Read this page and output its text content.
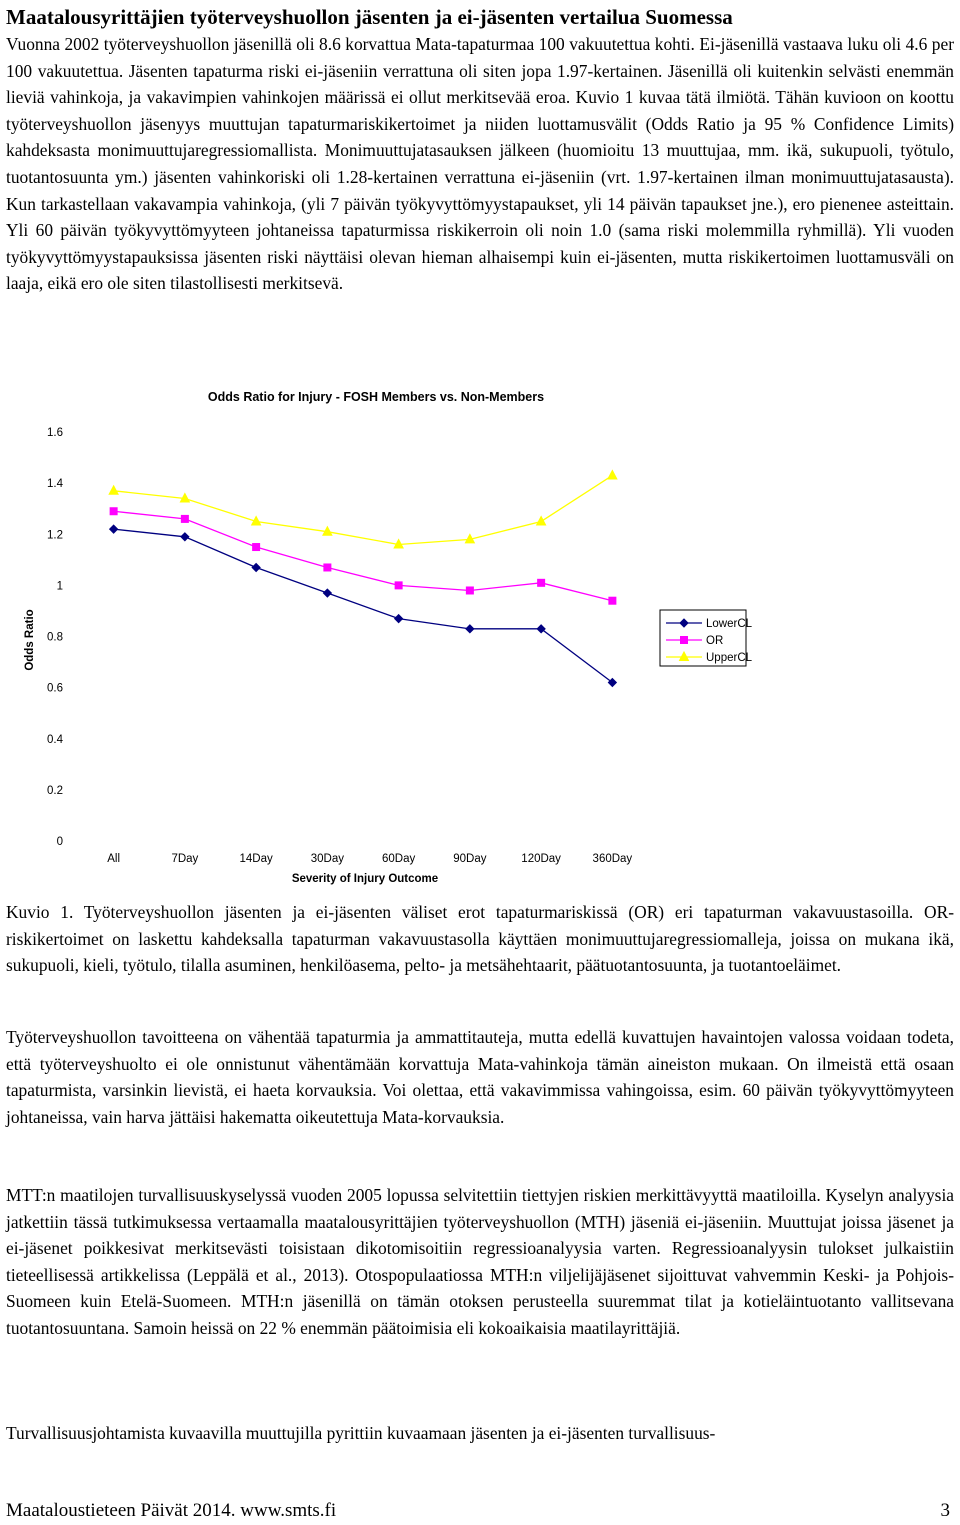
Maatalousyrittäjien työterveyshuollon jäsenten ja ei-jäsenten vertailua Suomessa

Vuonna 2002 työterveyshuollon jäsenillä oli 8.6 korvattua Mata-tapaturmaa 100 vakuutettua kohti. Ei-jäsenillä vastaava luku oli 4.6 per 100 vakuutettua. Jäsenten tapaturma riski ei-jäseniin verrattuna oli siten jopa 1.97-kertainen. Jäsenillä oli kuitenkin selvästi enemmän lieviä vahinkoja, ja vakavimpien vahinkojen määrissä ei ollut merkitsevää eroa. Kuvio 1 kuvaa tätä ilmiötä. Tähän kuvioon on koottu työterveyshuollon jäsenyys muuttujan tapaturmariskikertoimet ja niiden luottamusvälit (Odds Ratio ja 95 % Confidence Limits) kahdeksasta monimuuttujaregressiomallista. Monimuuttujatasauksen jälkeen (huomioitu 13 muuttujaa, mm. ikä, sukupuoli, työtulo, tuotantosuunta ym.) jäsenten vahinkoriski oli 1.28-kertainen verrattuna ei-jäseniin (vrt. 1.97-kertainen ilman monimuuttujatasausta). Kun tarkastellaan vakavampia vahinkoja, (yli 7 päivän työkyvyttömyystapaukset, yli 14 päivän tapaukset jne.), ero pienenee asteittain. Yli 60 päivän työkyvyttömyyteen johtaneissa tapaturmissa riskikerroin oli noin 1.0 (sama riski molemmilla ryhmillä). Yli vuoden työkyvyttömyystapauksissa jäsenten riski näyttäisi olevan hieman alhaisempi kuin ei-jäsenten, mutta riskikertoimen luottamusväli on laaja, eikä ero ole siten tilastollisesti merkitsevä.

Odds Ratio for Injury - FOSH Members vs. Non-Members
Odds Ratio
Severity of Injury Outcome
0
0.2
0.4
0.6
0.8
1
1.2
1.4
1.6
All	7Day	14Day	30Day	60Day	90Day	120Day	360Day
LowerCL
OR
UpperCL

Kuvio 1. Työterveyshuollon jäsenten ja ei-jäsenten väliset erot tapaturmariskissä (OR) eri tapaturman vakavuustasoilla. OR-riskikertoimet on laskettu kahdeksalla tapaturman vakavuustasolla käyttäen monimuuttujaregressiomalleja, joissa on mukana ikä, sukupuoli, kieli, työtulo, tilalla asuminen, henkilöasema, pelto- ja metsähehtaarit, päätuotantosuunta, ja tuotantoeläimet.

Työterveyshuollon tavoitteena on vähentää tapaturmia ja ammattitauteja, mutta edellä kuvattujen havaintojen valossa voidaan todeta, että työterveyshuolto ei ole onnistunut vähentämään korvattuja Mata-vahinkoja tämän aineiston mukaan. On ilmeistä että osaan tapaturmista, varsinkin lievistä, ei haeta korvauksia. Voi olettaa, että vakavimmissa vahingoissa, esim. 60 päivän työkyvyttömyyteen johtaneissa, vain harva jättäisi hakematta oikeutettuja Mata-korvauksia.

MTT:n maatilojen turvallisuuskyselyssä vuoden 2005 lopussa selvitettiin tiettyjen riskien merkittävyyttä maatiloilla. Kyselyn analyysia jatkettiin tässä tutkimuksessa vertaamalla maatalousyrittäjien työterveyshuollon (MTH) jäseniä ei-jäseniin. Muuttujat joissa jäsenet ja ei-jäsenet poikkesivat merkitsevästi toisistaan dikotomisoitiin regressioanalyysia varten. Regressioanalyysin tulokset julkaistiin tieteellisessä artikkelissa (Leppälä et al., 2013). Otospopulaatiossa MTH:n viljelijäjäsenet sijoittuvat vahvemmin Keski- ja Pohjois-Suomeen kuin Etelä-Suomeen. MTH:n jäsenillä on tämän otoksen perusteella suuremmat tilat ja kotieläintuotanto vallitsevana tuotantosuuntana. Samoin heissä on 22 % enemmän päätoimisia eli kokoaikaisia maatilayrittäjiä.

Turvallisuusjohtamista kuvaavilla muuttujilla pyrittiin kuvaamaan jäsenten ja ei-jäsenten turvallisuus-

Maataloustieteen Päivät 2014. www.smts.fi	3
